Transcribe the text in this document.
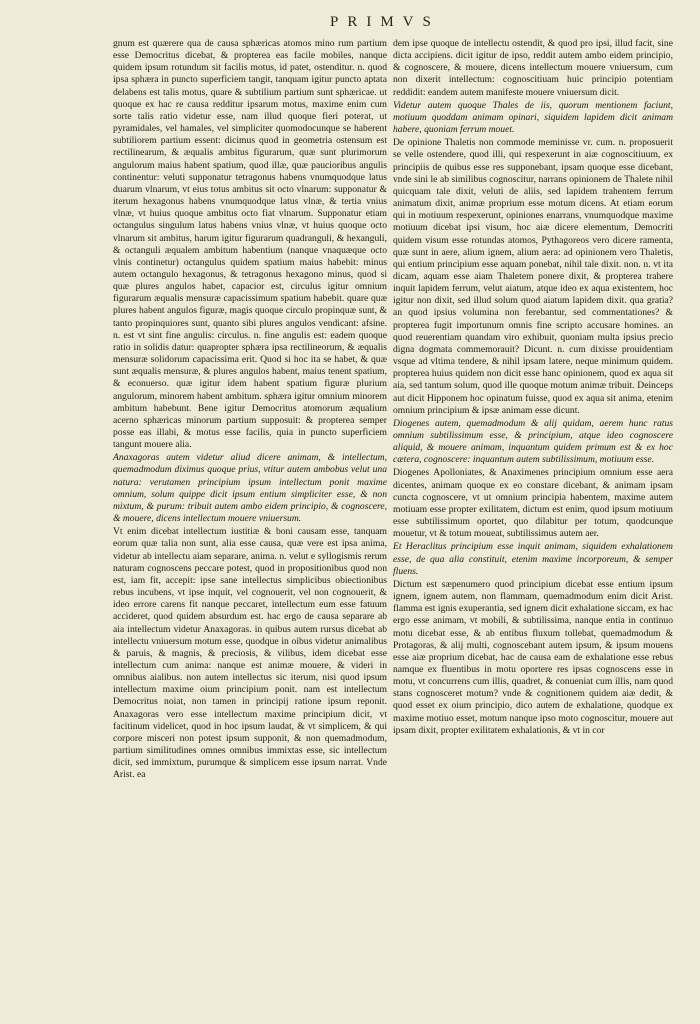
PRIMVS

gnum est quærere qua de causa sphæricas atomos mino rum partium esse Democritus dicebat, & propterea eas facile mobiles, nanque quidem ipsum rotundum sit facilis motus, id patet, ostenditur. n. quod ipsa sphæra in puncto superficiem tangit, tanquam igitur puncto aptata delabens est talis motus, quare & subtilium partium sunt sphæricae. ut quoque ex hac re causa redditur ipsarum motus, maxime enim cum sorte talis ratio videtur esse, nam illud quoque fieri poterat, ut pyramidales, vel hamales, vel simpliciter quomodocunque se haberent subtiliorem partium essent: dicimus quod in geometria ostensum est rectilinearum, & æqualis ambitus figurarum, quæ sunt plurimorum angulorum maius habent spatium, quod illæ, quæ paucioribus angulis continentur: veluti supponatur tetragonus habens vnumquodque latus duarum vlnarum, vt eius totus ambitus sit octo vlnarum: supponatur & iterum hexagonus habens vnumquodque latus vlnæ, & tertia vnius vlnæ, vt huius quoque ambitus octo fiat vlnarum. Supponatur etiam octangulus singulum latus habens vnius vlnæ, vt huius quoque octo vlnarum sit ambitus, harum igitur figurarum quadranguli, & hexanguli, & octanguli æqualem ambitum habentium (nanque vnaquæque octo vlnis continetur) octangulus quidem spatium maius habebit: minus autem octangulo hexagonus, & tetragonus hexagono minus, quod si quæ plures angulos habet, capacior est, circulus igitur omnium figurarum æqualis mensuræ capacissimum spatium habebit. quare quæ plures habent angulos figuræ, magis quoque circulo propinquæ sunt, & tanto propinquiores sunt, quanto sibi plures angulos vendicant: afsine. n. est vt sint fine angulis: circulus. n. fine angulis est: eadem quoque ratio in solidis datur: quapropter sphæra ipsa rectilineorum, & æqualis mensuræ solidorum capacissima erit. Quod si hoc ita se habet, & quæ sunt æqualis mensuræ, & plures angulos habent, maius tenent spatium, & econuerso. quæ igitur idem habent spatium figuræ plurium angulorum, minorem habent ambitum. sphæra igitur omnium minorem ambitum habebunt. Bene igitur Democritus atomorum æqualium acerno sphæricas minorum partium supposuit: & propterea semper posse eas illabi, & motus esse facilis, quia in puncto superficiem tangunt mouere alia.

Anaxagoras autem videtur aliud dicere animam, & intellectum, quemadmodum diximus quoque prius, vtitur autem ambobus velut una natura: verutamen principium ipsum intellectum ponit maxime omnium, solum quippe dicit ipsum entium simpliciter esse, & non mixtum, & purum: tribuit autem ambo eidem principio, & cognoscere, & mouere, dicens intellectum mouere vniuersum.

Vt enim dicebat intellectum iustitiæ & boni causam esse, tanquam eorum quæ talia non sunt, alia esse causa, quæ vere est ipsa anima, videtur ab intellectu aiam separare, anima. n. velut e syllogismis rerum naturam cognoscens peccare potest, quod in propositionibus quod non est, iam fit, accepit: ipse sane intellectus simplicibus obiectionibus rebus incubens, vt ipse inquit, vel cognouerit, vel non cognouerit, & ideo errore carens fit nanque peccaret, intellectum eum esse fatuum accideret, quod quidem absurdum est. hac ergo de causa separare ab aia intellectum videtur Anaxagoras. in quibus autem rursus dicebat ab intellectu vniuersum motum esse, quodque in oibus videtur animalibus & paruis, & magnis, & preciosis, & vilibus, idem dicebat esse intellectum cum anima: nanque est animæ mouere, & videri in omnibus aialibus. non autem intellectus sic iterum, nisi quod ipsum intellectum maxime oium principium ponit. nam est intellectum Democritus noiat, non tamen in principij ratione ipsum reponit. Anaxagoras vero esse intellectum maxime principium dicit, vt facitinum videlicet, quod in hoc ipsum laudat, & vt simplicem, & qui corpore misceri non potest ipsum supponit, & non quemadmodum, partium similitudines omnes omnibus immixtas esse, sic intellectum dicit, sed immixtum, purumque & simplicem esse ipsum narrat. Vnde Arist. ea

dem ipse quoque de intellectu ostendit, & quod pro ipsi, illud facit, sine dicta accipiens. dicit igitur de ipso, reddit autem ambo eidem principio, & cognoscere, & mouere, dicens intellectum mouere vniuersum, cum non dixerit intellectum: cognoscitiuam huic principio potentiam reddidit: eandem autem manifeste mouere vniuersum dicit.

Videtur autem quoque Thales de iis, quorum mentionem faciunt, motiuum quoddam animam opinari, siquidem lapidem dicit animam habere, quoniam ferrum mouet.

De opinione Thaletis non commode meminisse vr. cum. n. proposuerit se velle ostendere, quod illi, qui respexerunt in aiæ cognoscitiuum, ex principiis de quibus esse res supponebant, ipsam quoque esse dicebant, vnde sini le ab similibus cognoscitur, narrans opinionem de Thalete nihil quicquam tale dixit, veluti de aliis, sed lapidem trahentem ferrum animatum dixit, animæ proprium esse motum dicens. At etiam eorum qui in motiuum respexerunt, opiniones enarrans, vnumquodque maxime motiuum dicebat ipsi visum, hoc aiæ dicere elementum, Democriti quidem visum esse rotundas atomos, Pythagoreos vero dicere ramenta, quæ sunt in aere, alium ignem, alium aera: ad opinionem vero Thaletis, qui entium principium esse aquam ponebat, nihil tale dixit. non. n. vt ita dicam, aquam esse aiam Thaletem ponere dixit, & propterea trahere inquit lapidem ferrum, velut aiatum, atque ideo ex aqua existentem, hoc igitur non dixit, sed illud solum quod aiatum lapidem dixit. qua gratia? an quod ipsius volumina non ferebantur, sed commentationes? & propterea fugit importunum omnis fine scripto accusare homines. an quod reuerentiam quandam viro exhibuit, quoniam multa ipsius precio digna dogmata commemorauit? Dicunt. n. cum dixisse prouidentiam vsque ad vltima tendere, & nihil ipsam latere, neque minimum quidem. propterea huius quidem non dicit esse hanc opinionem, quod ex aqua sit aia, sed tantum solum, quod ille quoque motum animæ tribuit. Deinceps aut dicit Hipponem hoc opinatum fuisse, quod ex aqua sit anima, etenim omnium principium & ipsæ animam esse dicunt.

Diogenes autem, quemadmodum & alij quidam, aerem hunc ratus omnium subtilissimum esse, & principium, atque ideo cognoscere aliquid, & mouere animam, inquantum quidem primum est & ex hoc cætera, cognoscere: inquantum autem subtilissimum, motiuum esse.

Diogenes Apolloniates, & Anaximenes principium omnium esse aera dicentes, animam quoque ex eo constare dicebant, & animam ipsam cuncta cognoscere, vt ut omnium principia habentem, maxime autem motiuam esse propter exilitatem, dictum est enim, quod ipsum motiuum esse subtilissimum oportet, quo dilabitur per totum, quodcunque mouetur, vt & totum moueat, subtilissimus autem aer.

Et Heraclitus principium esse inquit animam, siquidem exhalationem esse, de qua alia constituit, etenim maxime incorporeum, & semper fluens.

Dictum est sæpenumero quod principium dicebat esse entium ipsum ignem, ignem autem, non flammam, quemadmodum enim dicit Arist. flamma est ignis exuperantia, sed ignem dicit exhalatione siccam, ex hac ergo esse animam, vt mobili, & subtilissima, nanque entia in continuo motu dicebat esse, & ab entibus fluxum tollebat, quemadmodum & Protagoras, & alij multi, cognoscebant autem ipsum, & ipsum mouens esse aiæ proprium dicebat, hac de causa eam de exhalatione esse rebus namque ex fluentibus in motu oportere res ipsas cognoscens esse in motu, vt concurrens cum illis, quadret, & conueniat cum illis, nam quod stans cognosceret motum? vnde & cognitionem quidem aiæ dedit, & quod esset ex oium principio, dico autem de exhalatione, quodque ex maxime motiuo esset, motum nanque ipso moto cognoscitur, mouere aut ipsam dixit, propter exilitatem exhalationis, & vt in cor
